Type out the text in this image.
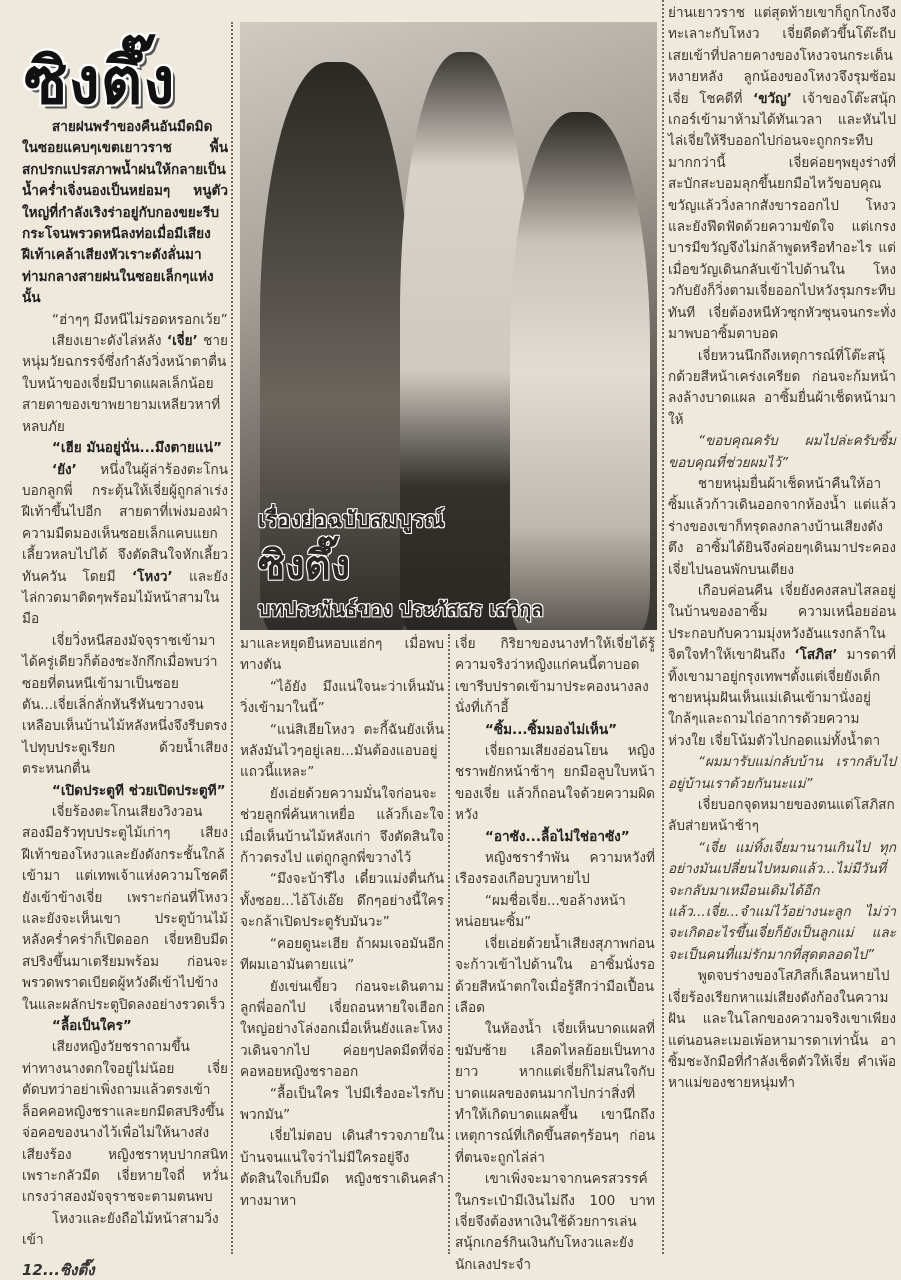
ซิงตึ๊ง
เรื่องย่อฉบับสมบูรณ์
ซิงตึ๊ง
บทประพันธ์ของ ประภัสสร เสวิกุล

สายฝนพรำของคืนอันมืดมิดในซอยแคบๆเขตเยาวราช พื้นสกปรกแปรสภาพน้ำฝนให้กลายเป็นน้ำคร่ำเจิ่งนองเป็นหย่อมๆ หนูตัวใหญ่ที่กำลังเริงร่าอยู่กับกองขยะรีบกระโจนพรวดหนีลงท่อเมื่อมีเสียงฝีเท้าเคล้าเสียงหัวเราะดังลั่นมาท่ามกลางสายฝนในซอยเล็กๆแห่งนั้น

“ฮ่าๆๆ มึงหนีไม่รอดหรอกเว้ย”

เสียงเยาะดังไล่หลัง ‘เจี่ย’ ชายหนุ่มวัยฉกรรจ์ซึ่งกำลังวิ่งหน้าตาตื่น ใบหน้าของเจี่ยมีบาดแผลเล็กน้อย สายตาของเขาพยายามเหลียวหาที่หลบภัย

“เฮีย มันอยู่นั่น...มึงตายแน่”

‘ยัง’ หนึ่งในผู้ล่าร้องตะโกนบอกลูกพี่ กระตุ้นให้เจี่ยผู้ถูกล่าเร่งฝีเท้าขึ้นไปอีก สายตาที่เพ่งมองฝ่าความมืดมองเห็นซอยเล็กแคบแยกเลี้ยวหลบไปได้ จึงตัดสินใจหักเลี้ยวทันควัน โดยมี ‘โหงว’ และยังไล่กวดมาติดๆพร้อมไม้หน้าสามในมือ

เจี่ยวิ่งหนีสองมัจจุราชเข้ามาได้ครู่เดียวก็ต้องชะงักกึกเมื่อพบว่าซอยที่ตนหนีเข้ามาเป็นซอยตัน...เจี่ยเลิ่กลั่กหันรีหันขวางจนเหลือบเห็นบ้านไม้หลังหนึ่งจึงรีบตรงไปทุบประตูเรียก ด้วยน้ำเสียงตระหนกตื่น

“เปิดประตูที ช่วยเปิดประตูที”

เจี่ยร้องตะโกนเสียงวิงวอน สองมือรัวทุบประตูไม้เก่าๆ เสียงฝีเท้าของโหงวและยังดังกระชั้นใกล้เข้ามา แต่เทพเจ้าแห่งความโชคดียังเข้าข้างเจี่ย เพราะก่อนที่โหงวและยังจะเห็นเขา ประตูบ้านไม้หลังคร่ำคร่าก็เปิดออก เจี่ยหยิบมีดสปริงขึ้นมาเตรียมพร้อม ก่อนจะพรวดพราดเบียดผู้หวังดีเข้าไปข้างในและผลักประตูปิดลงอย่างรวดเร็ว

“ลื้อเป็นใคร”

เสียงหญิงวัยชราถามขึ้น ท่าทางนางตกใจอยู่ไม่น้อย เจี่ยตัดบทว่าอย่าเพิ่งถามแล้วตรงเข้าล็อคคอหญิงชราและยกมีดสปริงขึ้นจ่อคอของนางไว้เพื่อไม่ให้นางส่งเสียงร้อง หญิงชราหุบปากสนิทเพราะกลัวมีด เจี่ยหายใจถี่ หวั่นเกรงว่าสองมัจจุราชจะตามตนพบ

โหงวและยังถือไม้หน้าสามวิ่งเข้า

12...ซิงตึ๊ง

มาและหยุดยืนหอบแฮ่กๆ เมื่อพบทางตัน

“ไอ้ยัง มึงแน่ใจนะว่าเห็นมันวิ่งเข้ามาในนี้”

“แน่สิเฮียโหงว ตะกี้ฉันยังเห็นหลังมันไวๆอยู่เลย...มันต้องแอบอยู่แถวนี้แหละ”

ยังเอ่ยด้วยความมั่นใจก่อนจะช่วยลูกพี่ค้นหาเหยื่อ แล้วก็เอะใจเมื่อเห็นบ้านไม้หลังเก่า จึงตัดสินใจก้าวตรงไป แต่ถูกลูกพี่ขวางไว้

“มึงจะบ้ารึไง เดี๋ยวแม่งตื่นกันทั้งซอย...ไอ้โง่เอ๊ย ดึกๆอย่างนี้ใครจะกล้าเปิดประตูรับมันวะ”

“คอยดูนะเฮีย ถ้าผมเจอมันอีกทีผมเอามันตายแน่”

ยังเข่นเขี้ยว ก่อนจะเดินตามลูกพี่ออกไป เจี่ยถอนหายใจเฮือกใหญ่อย่างโล่งอกเมื่อเห็นยังและโหงวเดินจากไป ค่อยๆปลดมีดที่จ่อคอหอยหญิงชราออก

“ลื้อเป็นใคร ไปมีเรื่องอะไรกับพวกมัน”

เจี่ยไม่ตอบ เดินสำรวจภายในบ้านจนแน่ใจว่าไม่มีใครอยู่จึงตัดสินใจเก็บมีด หญิงชราเดินคลำทางมาหา

เจี่ย กิริยาของนางทำให้เจี่ยได้รู้ความจริงว่าหญิงแก่คนนี้ตาบอด เขารีบปราดเข้ามาประคองนางลงนั่งที่เก้าอี้

“ซิ้ม...ซิ้มมองไม่เห็น”

เจี่ยถามเสียงอ่อนโยน หญิงชราพยักหน้าช้าๆ ยกมือลูบใบหน้าของเจี่ย แล้วก็ถอนใจด้วยความผิดหวัง

“อาซัง...ลื้อไม่ใช่อาซัง”

หญิงชรารำพัน ความหวังที่เรืองรองเกือบวูบหายไป

“ผมชื่อเจี่ย...ขอล้างหน้าหน่อยนะซิ้ม”

เจี่ยเอ่ยด้วยน้ำเสียงสุภาพก่อนจะก้าวเข้าไปด้านใน อาซิ้มนั่งรอด้วยสีหน้าตกใจเมื่อรู้สึกว่ามือเปื้อนเลือด

ในห้องน้ำ เจี่ยเห็นบาดแผลที่ขมับซ้าย เลือดไหลย้อยเป็นทางยาว หากแต่เจี่ยก็ไม่สนใจกับบาดแผลของตนมากไปกว่าสิ่งที่ทำให้เกิดบาดแผลขึ้น เขานึกถึงเหตุการณ์ที่เกิดขึ้นสดๆร้อนๆ ก่อนที่ตนจะถูกไล่ล่า

เขาเพิ่งจะมาจากนครสวรรค์ ในกระเป๋ามีเงินไม่ถึง 100 บาท เจี่ยจึงต้องหาเงินใช้ด้วยการเล่นสนุ้กเกอร์กินเงินกับโหงวและยัง นักเลงประจำ

ย่านเยาวราช แต่สุดท้ายเขาก็ถูกโกงจึงทะเลาะกับโหงว เจี่ยดีดตัวขึ้นโต๊ะถีบเสยเข้าที่ปลายคางของโหงวจนกระเด็นหงายหลัง ลูกน้องของโหงวจึงรุมซ้อมเจี่ย โชคดีที่ ‘ขวัญ’ เจ้าของโต๊ะสนุ้กเกอร์เข้ามาห้ามได้ทันเวลา และหันไปไล่เจี่ยให้รีบออกไปก่อนจะถูกกระทืบมากกว่านี้ เจี่ยค่อยๆพยุงร่างที่สะบักสะบอมลุกขึ้นยกมือไหว้ขอบคุณขวัญแล้ววิ่งลากสังขารออกไป โหงวและยังฟึดฟัดด้วยความขัดใจ แต่เกรงบารมีขวัญจึงไม่กล้าพูดหรือทำอะไร แต่เมื่อขวัญเดินกลับเข้าไปด้านใน โหงวกับยังก็วิ่งตามเจี่ยออกไปหวังรุมกระทืบทันที เจี่ยต้องหนีหัวซุกหัวซุนจนกระทั่งมาพบอาซิ้มตาบอด

เจี่ยหวนนึกถึงเหตุการณ์ที่โต๊ะสนุ้กด้วยสีหน้าเคร่งเครียด ก่อนจะก้มหน้าลงล้างบาดแผล อาซิ้มยื่นผ้าเช็ดหน้ามาให้

“ขอบคุณครับ ผมไปล่ะครับซิ้ม ขอบคุณที่ช่วยผมไว้”

ชายหนุ่มยื่นผ้าเช็ดหน้าคืนให้อาซิ้มแล้วก้าวเดินออกจากห้องน้ำ แต่แล้วร่างของเขาก็ทรุดลงกลางบ้านเสียงดังตึง อาซิ้มได้ยินจึงค่อยๆเดินมาประคองเจี่ยไปนอนพักบนเตียง

เกือบค่อนคืน เจี่ยยังคงสลบไสลอยู่ในบ้านของอาซิ้ม ความเหนื่อยอ่อนประกอบกับความมุ่งหวังอันแรงกล้าในจิตใจทำให้เขาฝันถึง ‘โสภิส’ มารดาที่ทิ้งเขามาอยู่กรุงเทพฯตั้งแต่เจี่ยยังเด็ก ชายหนุ่มฝันเห็นแม่เดินเข้ามานั่งอยู่ใกล้ๆและถามไถ่อาการด้วยความห่วงใย เจี่ยโน้มตัวไปกอดแม่ทั้งน้ำตา

“ผมมารับแม่กลับบ้าน เรากลับไปอยู่บ้านเราด้วยกันนะแม่”

เจี่ยบอกจุดหมายของตนแต่โสภิสกลับส่ายหน้าช้าๆ

“เจี่ย แม่ทิ้งเจี่ยมานานเกินไป ทุกอย่างมันเปลี่ยนไปหมดแล้ว...ไม่มีวันที่จะกลับมาเหมือนเดิมได้อีกแล้ว...เจี่ย...จำแม่ไว้อย่างนะลูก ไม่ว่าจะเกิดอะไรขึ้นเจี่ยก็ยังเป็นลูกแม่ และจะเป็นคนที่แม่รักมากที่สุดตลอดไป”

พูดจบร่างของโสภิสก็เลือนหายไป เจี่ยร้องเรียกหาแม่เสียงดังก้องในความฝัน และในโลกของความจริงเขาเพียงแต่นอนละเมอเพ้อหามารดาเท่านั้น อาซิ้มชะงักมือที่กำลังเช็ดตัวให้เจี่ย คำเพ้อหาแม่ของชายหนุ่มทำ
